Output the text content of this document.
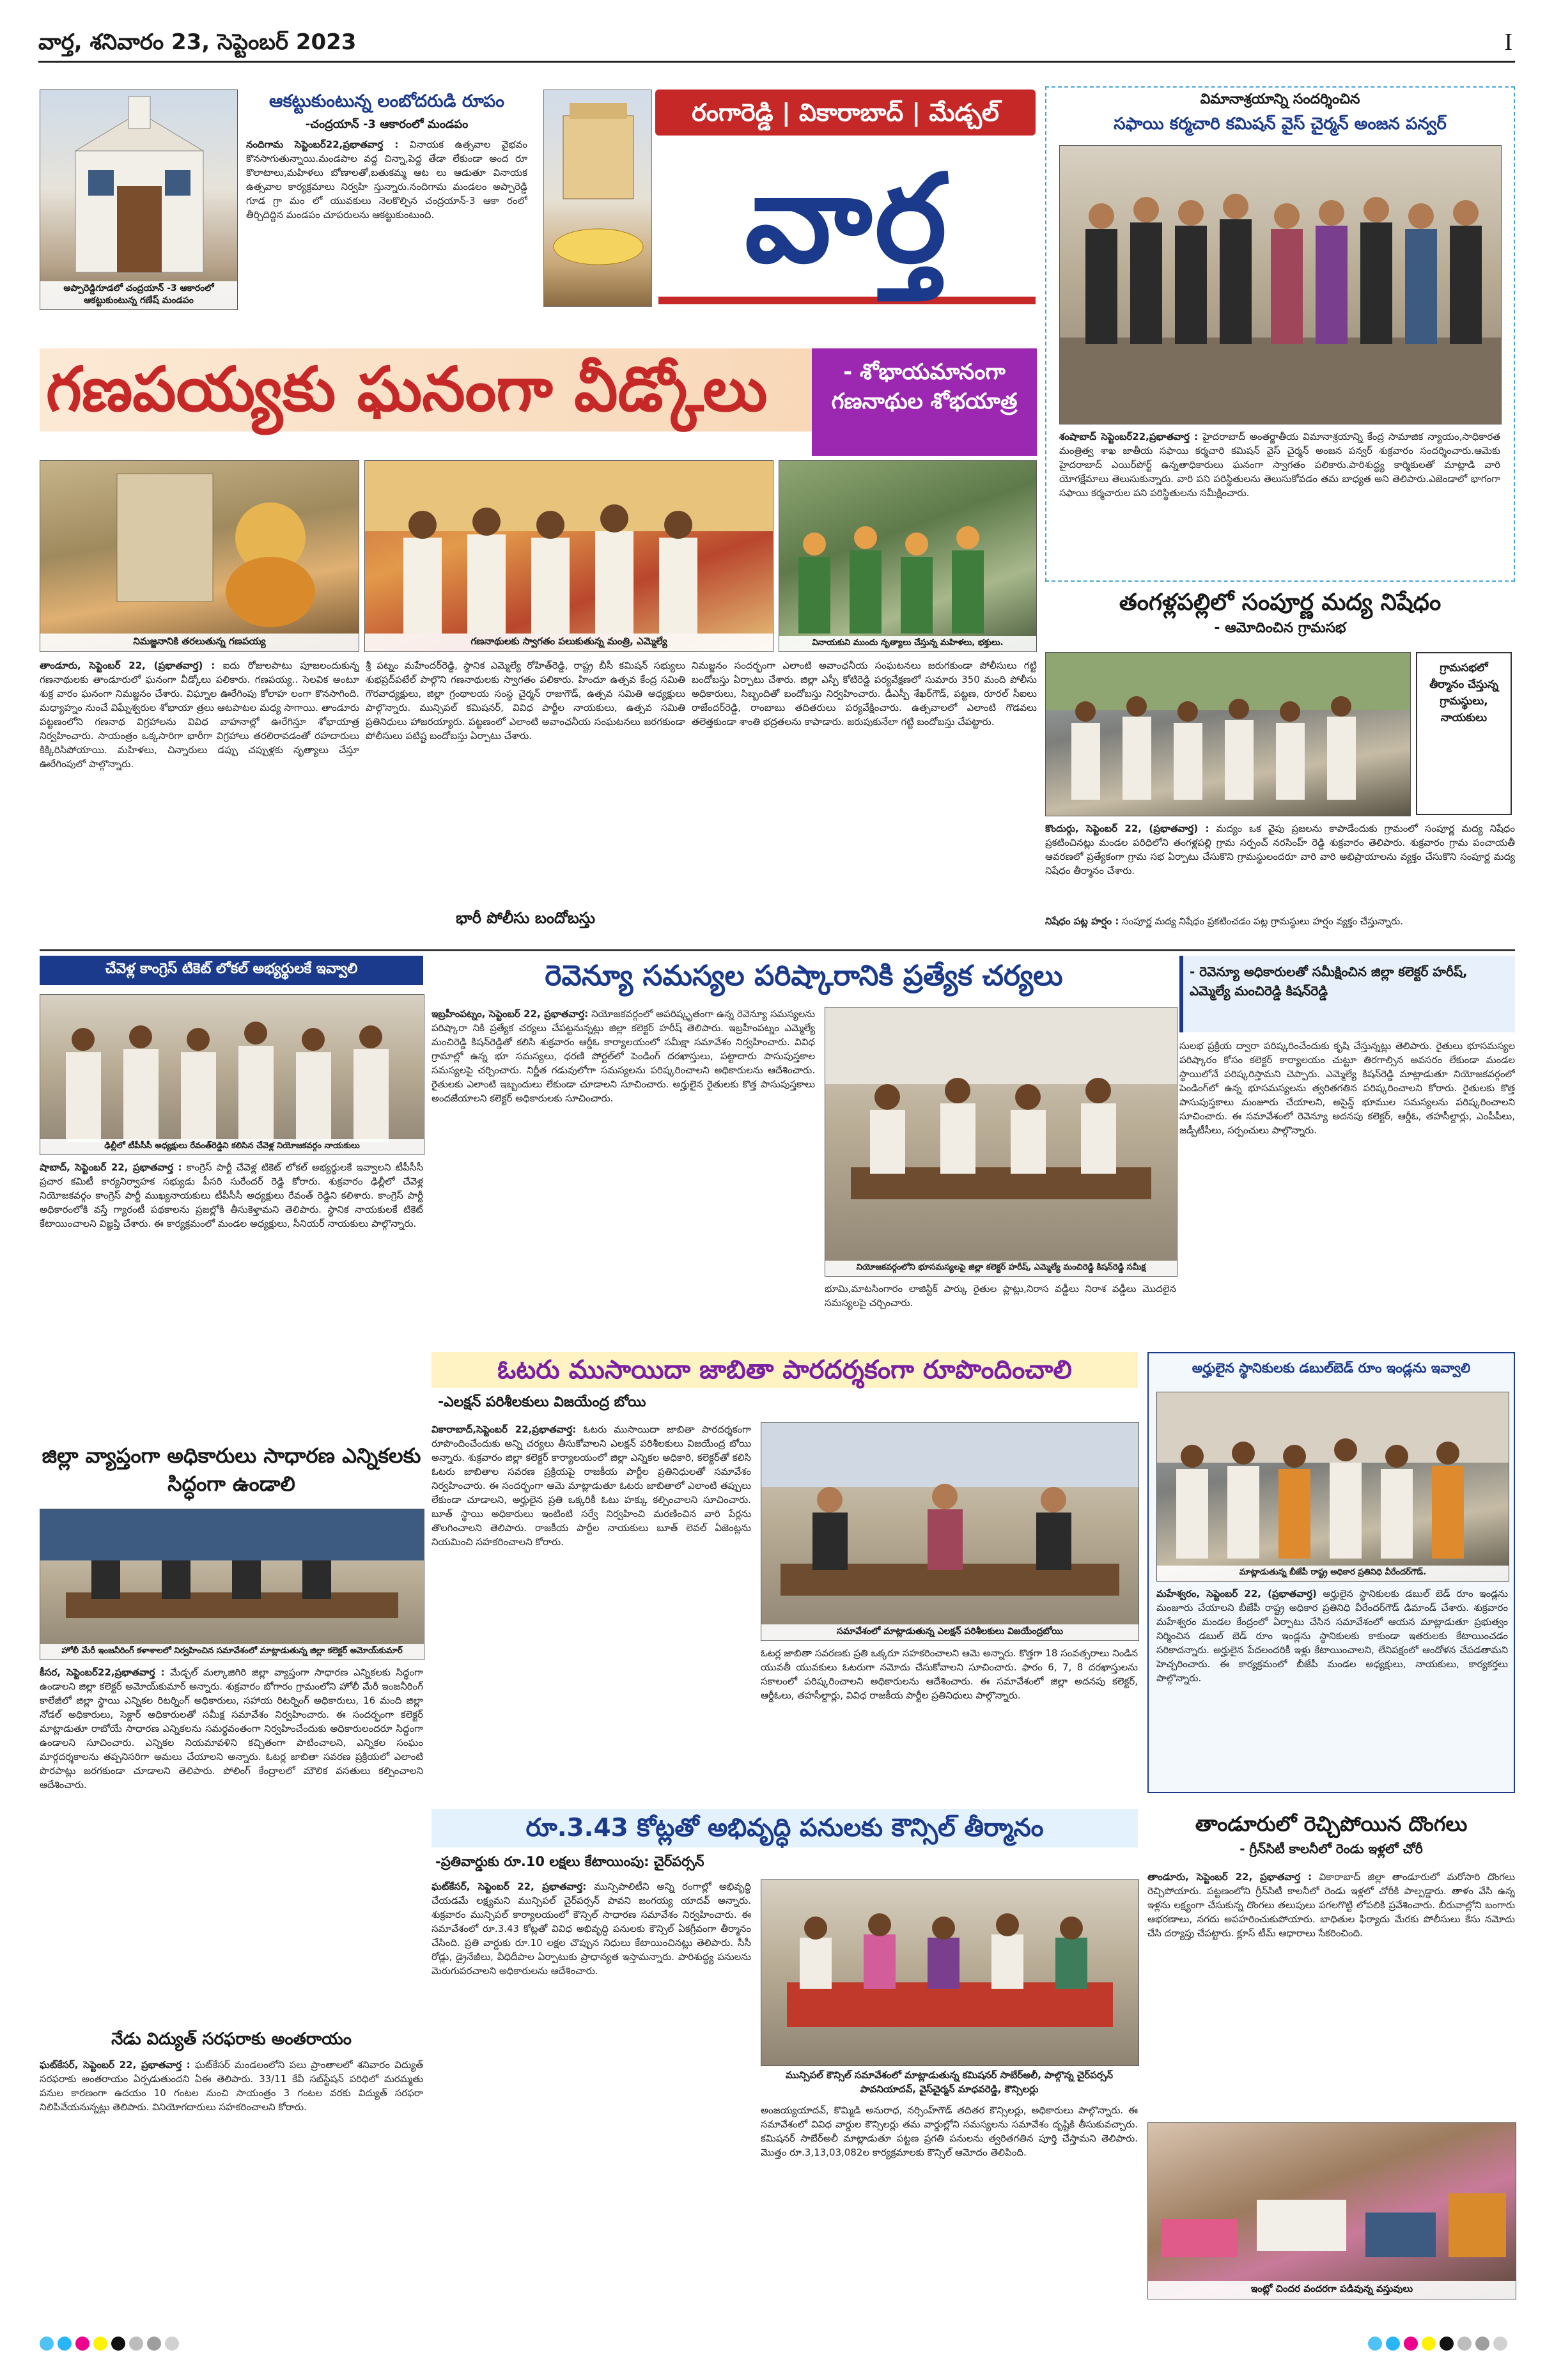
వార్త, శనివారం 23, సెప్టెంబర్ 2023	I
అప్పారెడ్డిగూడలో చంద్రయాన్ -3 ఆకారంలో ఆకట్టుకుంటున్న గణేష్ మండపం
ఆకట్టుకుంటున్న లంబోదరుడి రూపం
-చంద్రయాన్ -3 ఆకారంలో మండపం
నందిగామ సెప్టెంబర్22,ప్రభాతవార్త : వినాయక ఉత్సవాల వైభవం కొనసాగుతున్నాయి.మండపాల వద్ద చిన్నా,పెద్ద తేడా లేకుండా అంద రూ కొలాటాలు,మహిళలు బోణాలతో,బతుకమ్మ ఆట లు ఆడుతూ వినాయక ఉత్సవాల కార్యక్రమాలు నిర్వహి స్తున్నారు.నందిగామ మండలం అప్పారెడ్డి గూడ గ్రా మం లో యువకులు నెలకొల్పిన చంద్రయాన్-3 ఆకా రంలో తీర్చిదిద్దిన మండపం చూపరులను ఆకట్టుకుంటుంది.
రంగారెడ్డి | వికారాబాద్ | మేడ్చల్
వార్త
విమానాశ్రయాన్ని సందర్శించిన
సఫాయి కర్మచారి కమిషన్ వైస్ చైర్మన్ అంజన పన్వర్
శంషాబాద్ సెప్టెంబర్22,ప్రభాతవార్త : హైదరాబాద్ అంతర్జాతీయ విమానాశ్రయాన్ని కేంద్ర సామాజిక న్యాయం,సాధికారత మంత్రిత్వ శాఖ జాతీయ సఫాయి కర్మచారి కమిషన్ వైస్ చైర్మన్ అంజన పన్వర్ శుక్రవారం సందర్శించారు.ఆమెకు హైదరాబాద్ ఎయిర్‌పోర్ట్ ఉన్నతాధికారులు ఘనంగా స్వాగతం పలికారు.పారిశుద్ధ్య కార్మికులతో మాట్లాడి వారి యోగక్షేమాలు తెలుసుకున్నారు. వారి పని పరిస్థితులను తెలుసుకోవడం తమ బాధ్యత అని తెలిపారు.ఎజెండాలో భాగంగా సఫాయి కర్మచారుల పని పరిస్థితులను సమీక్షించారు.
గణపయ్యకు ఘనంగా వీడ్కోలు	- శోభాయమానంగా గణనాథుల శోభయాత్ర
నిమజ్జనానికి తరలుతున్న గణపయ్య	గణనాథులకు స్వాగతం పలుకుతున్న మంత్రి, ఎమ్మెల్యే	వినాయకుని ముందు నృత్యాలు చేస్తున్న మహిళలు, భక్తులు.
తాండూరు, సెప్టెంబర్ 22, (ప్రభాతవార్త) : ఐదు రోజులపాటు పూజలందుకున్న గణనాథులకు తాండూరులో ఘనంగా వీడ్కోలు పలికారు. గణపయ్య.. సెలవిక అంటూ శుక్ర వారం ఘనంగా నిమజ్జనం చేశారు. విఘ్నాల ఊరేగింపు కోలాహ లంగా కొనసాగింది. మధ్యాహ్నం నుంచే విఘ్నేశ్వరుల శోభాయా త్రలు ఆటపాటల మధ్య సాగాయి. తాండూరు పట్టణంలోని గణనాథ విగ్రహాలను వివిధ వాహనాల్లో ఊరేగిస్తూ శోభాయాత్ర నిర్వహించారు. సాయంత్రం ఒక్కసారిగా భారీగా విగ్రహాలు తరలిరావడంతో రహదారులు కిక్కిరిసిపోయాయి. మహిళలు, చిన్నారులు డప్పు చప్పుళ్లకు నృత్యాలు చేస్తూ ఊరేగింపులో పాల్గొన్నారు.
శ్రీ పట్నం మహేందర్‌రెడ్డి, స్థానిక ఎమ్మెల్యే రోహిత్‌రెడ్డి, రాష్ట్ర బీసీ కమిషన్ సభ్యులు శుభప్రద్‌పటేల్ పాల్గొని గణనాథులకు స్వాగతం పలికారు. హిందూ ఉత్సవ కేంద్ర సమితి గౌరవాధ్యక్షులు, జిల్లా గ్రంథాలయ సంస్థ చైర్మన్ రాజుగౌడ్, ఉత్సవ సమితి అధ్యక్షులు పాల్గొన్నారు. మున్సిపల్ కమిషనర్, వివిధ పార్టీల నాయకులు, ఉత్సవ సమితి ప్రతినిధులు హాజరయ్యారు. పట్టణంలో ఎలాంటి అవాంఛనీయ సంఘటనలు జరగకుండా పోలీసులు పటిష్ట బందోబస్తు ఏర్పాటు చేశారు.
భారీ పోలీసు బందోబస్తు
నిమజ్జనం సందర్భంగా ఎలాంటి అవాంఛనీయ సంఘటనలు జరుగకుండా పోలీసులు గట్టి బందోబస్తు ఏర్పాటు చేశారు. జిల్లా ఎస్పీ కోటిరెడ్డి పర్యవేక్షణలో సుమారు 350 మంది పోలీసు అధికారులు, సిబ్బందితో బందోబస్తు నిర్వహించారు. డీఎస్పీ శేఖర్‌గౌడ్, పట్టణ, రూరల్ సీఐలు రాజేందర్‌రెడ్డి, రాంబాబు తదితరులు పర్యవేక్షించారు. ఉత్సవాలలో ఎలాంటి గొడవలు తలెత్తకుండా శాంతి భద్రతలను కాపాడారు. జరుపుకునేలా గట్టి బందోబస్తు చేపట్టారు.
తంగళ్లపల్లిలో సంపూర్ణ మద్య నిషేధం
- ఆమోదించిన గ్రామసభ
గ్రామసభలో తీర్మానం చేస్తున్న గ్రామస్థులు, నాయకులు
కొందుర్గు, సెప్టెంబర్ 22, (ప్రభాతవార్త) : మద్యం ఒక వైపు ప్రజలను కాపాడేందుకు గ్రామంలో సంపూర్ణ మద్య నిషేధం ప్రకటించినట్లు మండల పరిధిలోని తంగళ్లపల్లి గ్రామ సర్పంచ్ నరసింహ్ రెడ్డి శుక్రవారం తెలిపారు. శుక్రవారం గ్రామ పంచాయతీ ఆవరణలో ప్రత్యేకంగా గ్రామ సభ ఏర్పాటు చేసుకొని గ్రామస్థులందరూ వారి వారి అభిప్రాయాలను వ్యక్తం చేసుకొని సంపూర్ణ మద్య నిషేధం తీర్మానం చేశారు.
నిషేధం పట్ల హర్షం : సంపూర్ణ మద్య నిషేధం ప్రకటించడం పట్ల గ్రామస్థులు హర్షం వ్యక్తం చేస్తున్నారు.
చేవెళ్ల కాంగ్రెస్ టికెట్ లోకల్ అభ్యర్థులకే ఇవ్వాలి
ఢిల్లీలో టీపీసీసీ అధ్యక్షులు రేవంత్‌రెడ్డిని కలిసిన చేవెళ్ల నియోజకవర్గం నాయకులు
షాబాద్, సెప్టెంబర్ 22, ప్రభాతవార్త : కాంగ్రెస్ పార్టీ చేవెళ్ల టికెట్ లోకల్ అభ్యర్థులకే ఇవ్వాలని టీపీసీసీ ప్రచార కమిటీ కార్యనిర్వాహక సభ్యుడు పీసరి సురేందర్ రెడ్డి కోరారు. శుక్రవారం ఢిల్లీలో చేవెళ్ల నియోజకవర్గం కాంగ్రెస్ పార్టీ ముఖ్యనాయకులు టీపీసీసీ అధ్యక్షులు రేవంత్ రెడ్డిని కలిశారు. కాంగ్రెస్ పార్టీ అధికారంలోకి వస్తే గ్యారంటీ పథకాలను ప్రజల్లోకి తీసుకెళ్తామని తెలిపారు. స్థానిక నాయకులకే టికెట్ కేటాయించాలని విజ్ఞప్తి చేశారు. ఈ కార్యక్రమంలో మండల అధ్యక్షులు, సీనియర్ నాయకులు పాల్గొన్నారు.
జిల్లా వ్యాప్తంగా అధికారులు సాధారణ ఎన్నికలకు సిద్ధంగా ఉండాలి
హోలీ మేరీ ఇంజనీరింగ్ కళాశాలలో నిర్వహించిన సమావేశంలో మాట్లాడుతున్న జిల్లా కలెక్టర్ అమోయ్‌కుమార్
కీసర, సెప్టెంబర్22,ప్రభాతవార్త : మేడ్చల్ మల్కాజిగిరి జిల్లా వ్యాప్తంగా సాధారణ ఎన్నికలకు సిద్ధంగా ఉండాలని జిల్లా కలెక్టర్ అమోయ్‌కుమార్ అన్నారు. శుక్రవారం బోగారం గ్రామంలోని హోలీ మేరీ ఇంజనీరింగ్ కాలేజీలో జిల్లా స్థాయి ఎన్నికల రిటర్నింగ్ అధికారులు, సహాయ రిటర్నింగ్ అధికారులు, 16 మంది జిల్లా నోడల్ అధికారులు, సెక్టార్ అధికారులతో సమీక్ష సమావేశం నిర్వహించారు. ఈ సందర్భంగా కలెక్టర్ మాట్లాడుతూ రాబోయే సాధారణ ఎన్నికలను సమర్థవంతంగా నిర్వహించేందుకు అధికారులందరూ సిద్ధంగా ఉండాలని సూచించారు. ఎన్నికల నియమావళిని కచ్చితంగా పాటించాలని, ఎన్నికల సంఘం మార్గదర్శకాలను తప్పనిసరిగా అమలు చేయాలని అన్నారు. ఓటర్ల జాబితా సవరణ ప్రక్రియలో ఎలాంటి పొరపాట్లు జరగకుండా చూడాలని తెలిపారు. పోలింగ్ కేంద్రాలలో మౌలిక వసతులు కల్పించాలని ఆదేశించారు.
నేడు విద్యుత్ సరఫరాకు అంతరాయం
ఘట్‌కేసర్, సెప్టెంబర్ 22, ప్రభాతవార్త : ఘట్‌కేసర్ మండలంలోని పలు ప్రాంతాలలో శనివారం విద్యుత్ సరఫరాకు అంతరాయం ఏర్పడుతుందని ఏఈ తెలిపారు. 33/11 కేవీ సబ్‌స్టేషన్ పరిధిలో మరమ్మతు పనుల కారణంగా ఉదయం 10 గంటల నుంచి సాయంత్రం 3 గంటల వరకు విద్యుత్ సరఫరా నిలిపివేయనున్నట్లు తెలిపారు. వినియోగదారులు సహకరించాలని కోరారు.
రెవెన్యూ సమస్యల పరిష్కారానికి ప్రత్యేక చర్యలు	- రెవెన్యూ అధికారులతో సమీక్షించిన జిల్లా కలెక్టర్ హరీష్, ఎమ్మెల్యే మంచిరెడ్డి కిషన్‌రెడ్డి
ఇబ్రహీంపట్నం, సెప్టెంబర్ 22, ప్రభాతవార్త: నియోజకవర్గంలో అపరిష్కృతంగా ఉన్న రెవెన్యూ సమస్యలను పరిష్కారా నికి ప్రత్యేక చర్యలు చేపట్టనున్నట్లు జిల్లా కలెక్టర్ హరీష్ తెలిపారు. ఇబ్రహీంపట్నం ఎమ్మెల్యే మంచిరెడ్డి కిషన్‌రెడ్డితో కలిసి శుక్రవారం ఆర్డీఓ కార్యాలయంలో సమీక్షా సమావేశం నిర్వహించారు. వివిధ గ్రామాల్లో ఉన్న భూ సమస్యలు, ధరణి పోర్టల్‌లో పెండింగ్ దరఖాస్తులు, పట్టాదారు పాసుపుస్తకాల సమస్యలపై చర్చించారు. నిర్ణీత గడువులోగా సమస్యలను పరిష్కరించాలని అధికారులను ఆదేశించారు. రైతులకు ఎలాంటి ఇబ్బందులు లేకుండా చూడాలని సూచించారు. అర్హులైన రైతులకు కొత్త పాసుపుస్తకాలు అందజేయాలని కలెక్టర్ అధికారులకు సూచించారు.
నియోజకవర్గంలోని భూసమస్యలపై జిల్లా కలెక్టర్ హరీష్, ఎమ్మెల్యే మంచిరెడ్డి కిషన్‌రెడ్డి సమీక్ష
భూమి,మాటసింగారం లాజిస్టిక్ పార్కు రైతుల ప్లాట్లు,నిరాస వడ్డీలు నిరాశ వడ్డీలు మొదలైన సమస్యలపై చర్చించారు.
సులభ ప్రక్రియ ద్వారా పరిష్కరించేందుకు కృషి చేస్తున్నట్లు తెలిపారు. రైతులు భూసమస్యల పరిష్కారం కోసం కలెక్టర్ కార్యాలయం చుట్టూ తిరగాల్సిన అవసరం లేకుండా మండల స్థాయిలోనే పరిష్కరిస్తామని చెప్పారు. ఎమ్మెల్యే కిషన్‌రెడ్డి మాట్లాడుతూ నియోజకవర్గంలో పెండింగ్‌లో ఉన్న భూసమస్యలను త్వరితగతిన పరిష్కరించాలని కోరారు. రైతులకు కొత్త పాసుపుస్తకాలు మంజూరు చేయాలని, అసైన్డ్ భూముల సమస్యలను పరిష్కరించాలని సూచించారు. ఈ సమావేశంలో రెవెన్యూ అదనపు కలెక్టర్, ఆర్డీఓ, తహసీల్దార్లు, ఎంపీపీలు, జడ్పీటీసీలు, సర్పంచులు పాల్గొన్నారు.
ఓటరు ముసాయిదా జాబితా పారదర్శకంగా రూపొందించాలి
-ఎలక్షన్ పరిశీలకులు విజయేంద్ర బోయి
వికారాబాద్,సెప్టెంబర్ 22,ప్రభాతవార్త: ఓటరు ముసాయిదా జాబితా పారదర్శకంగా రూపొందించేందుకు అన్ని చర్యలు తీసుకోవాలని ఎలక్షన్ పరిశీలకులు విజయేంద్ర బోయి అన్నారు. శుక్రవారం జిల్లా కలెక్టర్ కార్యాలయంలో జిల్లా ఎన్నికల అధికారి, కలెక్టర్‌తో కలిసి ఓటరు జాబితాల సవరణ ప్రక్రియపై రాజకీయ పార్టీల ప్రతినిధులతో సమావేశం నిర్వహించారు. ఈ సందర్భంగా ఆమె మాట్లాడుతూ ఓటరు జాబితాలో ఎలాంటి తప్పులు లేకుండా చూడాలని, అర్హులైన ప్రతి ఒక్కరికీ ఓటు హక్కు కల్పించాలని సూచించారు. బూత్ స్థాయి అధికారులు ఇంటింటి సర్వే నిర్వహించి మరణించిన వారి పేర్లను తొలగించాలని తెలిపారు. రాజకీయ పార్టీల నాయకులు బూత్ లెవల్ ఏజెంట్లను నియమించి సహకరించాలని కోరారు.
సమావేశంలో మాట్లాడుతున్న ఎలక్షన్ పరిశీలకులు విజయేంద్రబోయి
ఓటర్ల జాబితా సవరణకు ప్రతి ఒక్కరూ సహకరించాలని ఆమె అన్నారు. కొత్తగా 18 సంవత్సరాలు నిండిన యువతీ యువకులు ఓటరుగా నమోదు చేసుకోవాలని సూచించారు. ఫారం 6, 7, 8 దరఖాస్తులను సకాలంలో పరిష్కరించాలని అధికారులను ఆదేశించారు. ఈ సమావేశంలో జిల్లా అదనపు కలెక్టర్, ఆర్డీఓలు, తహసీల్దార్లు, వివిధ రాజకీయ పార్టీల ప్రతినిధులు పాల్గొన్నారు.
అర్హులైన స్థానికులకు డబుల్‌బెడ్ రూం ఇండ్లను ఇవ్వాలి
మాట్లాడుతున్న బీజేపీ రాష్ట్ర అధికార ప్రతినిధి వీరేందర్‌గౌడ్.
మహేశ్వరం, సెప్టెంబర్ 22, (ప్రభాతవార్త) అర్హులైన స్థానికులకు డబుల్ బెడ్ రూం ఇండ్లను మంజూరు చేయాలని బీజేపీ రాష్ట్ర అధికార ప్రతినిధి వీరేందర్‌గౌడ్ డిమాండ్ చేశారు. శుక్రవారం మహేశ్వరం మండల కేంద్రంలో ఏర్పాటు చేసిన సమావేశంలో ఆయన మాట్లాడుతూ ప్రభుత్వం నిర్మించిన డబుల్ బెడ్ రూం ఇండ్లను స్థానికులకు కాకుండా ఇతరులకు కేటాయించడం సరికాదన్నారు. అర్హులైన పేదలందరికీ ఇళ్లు కేటాయించాలని, లేనిపక్షంలో ఆందోళన చేపడతామని హెచ్చరించారు. ఈ కార్యక్రమంలో బీజేపీ మండల అధ్యక్షులు, నాయకులు, కార్యకర్తలు పాల్గొన్నారు.
రూ.3.43 కోట్లతో అభివృద్ధి పనులకు కౌన్సిల్ తీర్మానం
-ప్రతివార్డుకు రూ.10 లక్షలు కేటాయింపు: చైర్‌పర్సన్
ఘట్‌కేసర్, సెప్టెంబర్ 22, ప్రభాతవార్త: మున్సిపాలిటీని అన్ని రంగాల్లో అభివృద్ధి చేయడమే లక్ష్యమని మున్సిపల్ చైర్‌పర్సన్ పావని జంగయ్య యాదవ్ అన్నారు. శుక్రవారం మున్సిపల్ కార్యాలయంలో కౌన్సిల్ సాధారణ సమావేశం నిర్వహించారు. ఈ సమావేశంలో రూ.3.43 కోట్లతో వివిధ అభివృద్ధి పనులకు కౌన్సిల్ ఏకగ్రీవంగా తీర్మానం చేసింది. ప్రతి వార్డుకు రూ.10 లక్షల చొప్పున నిధులు కేటాయించినట్లు తెలిపారు. సీసీ రోడ్లు, డ్రైనేజీలు, వీధిదీపాల ఏర్పాటుకు ప్రాధాన్యత ఇస్తామన్నారు. పారిశుద్ధ్య పనులను మెరుగుపరచాలని అధికారులను ఆదేశించారు.
మున్సిపల్ కౌన్సిల్ సమావేశంలో మాట్లాడుతున్న కమిషనర్ సాబేర్అలీ, పాల్గొన్న చైర్‌పర్సన్ పావనియాదవ్, వైస్‌చైర్మన్ మాధవరెడ్డి, కౌన్సిలర్లు
అంజయ్యయాదవ్, కొమ్మిడి అనురాధ, నర్సింహ్‌గౌడ్ తదితర కౌన్సిలర్లు, అధికారులు పాల్గొన్నారు. ఈ సమావేశంలో వివిధ వార్డుల కౌన్సిలర్లు తమ వార్డుల్లోని సమస్యలను సమావేశం దృష్టికి తీసుకువచ్చారు. కమిషనర్ సాబేర్‌అలీ మాట్లాడుతూ పట్టణ ప్రగతి పనులను త్వరితగతిన పూర్తి చేస్తామని తెలిపారు. మొత్తం రూ.3,13,03,082ల కార్యక్రమాలకు కౌన్సిల్ ఆమోదం తెలిపింది.
తాండూరులో రెచ్చిపోయిన దొంగలు
- గ్రీన్‌సిటీ కాలనీలో రెండు ఇళ్లలో చోరీ
తాండూరు, సెప్టెంబర్ 22, ప్రభాతవార్త : వికారాబాద్ జిల్లా తాండూరులో మరోసారి దొంగలు రెచ్చిపోయారు. పట్టణంలోని గ్రీన్‌సిటీ కాలనీలో రెండు ఇళ్లలో చోరీకి పాల్పడ్డారు. తాళం వేసి ఉన్న ఇళ్లను లక్ష్యంగా చేసుకున్న దొంగలు తలుపులు పగలగొట్టి లోపలికి ప్రవేశించారు. బీరువాల్లోని బంగారు ఆభరణాలు, నగదు అపహరించుకుపోయారు. బాధితుల ఫిర్యాదు మేరకు పోలీసులు కేసు నమోదు చేసి దర్యాప్తు చేపట్టారు. క్లూస్ టీమ్ ఆధారాలు సేకరించింది.
ఇంట్లో చిందర వందరగా పడివున్న వస్తువులు
